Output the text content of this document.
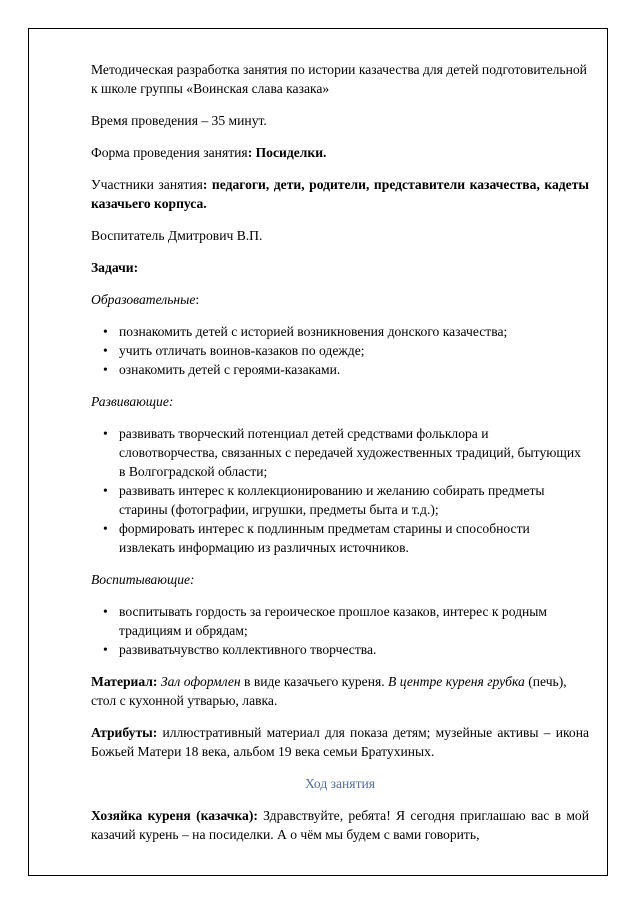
Методическая разработка занятия по истории казачества для детей подготовительной к школе группы «Воинская слава казака»

Время проведения – 35 минут.

Форма проведения занятия: Посиделки.

Участники занятия: педагоги, дети, родители, представители казачества, кадеты казачьего корпуса.

Воспитатель Дмитрович В.П.

Задачи:

Образовательные:

• познакомить детей с историей возникновения донского казачества;
• учить отличать воинов-казаков по одежде;
• ознакомить детей с героями-казаками.

Развивающие:

• развивать творческий потенциал детей средствами фольклора и словотворчества, связанных с передачей художественных традиций, бытующих в Волгоградской области;
• развивать интерес к коллекционированию и желанию собирать предметы старины (фотографии, игрушки, предметы быта и т.д.);
• формировать интерес к подлинным предметам старины и способности извлекать информацию из различных источников.

Воспитывающие:

• воспитывать гордость за героическое прошлое казаков, интерес к родным традициям и обрядам;
• развиватьчувство коллективного творчества.

Материал: Зал оформлен в виде казачьего куреня. В центре куреня грубка (печь), стол с кухонной утварью, лавка.

Атрибуты: иллюстративный материал для показа детям; музейные активы – икона Божьей Матери 18 века, альбом 19 века семьи Братухиных.

Ход занятия

Хозяйка куреня (казачка): Здравствуйте, ребята! Я сегодня приглашаю вас в мой казачий курень – на посиделки. А о чём мы будем с вами говорить,
